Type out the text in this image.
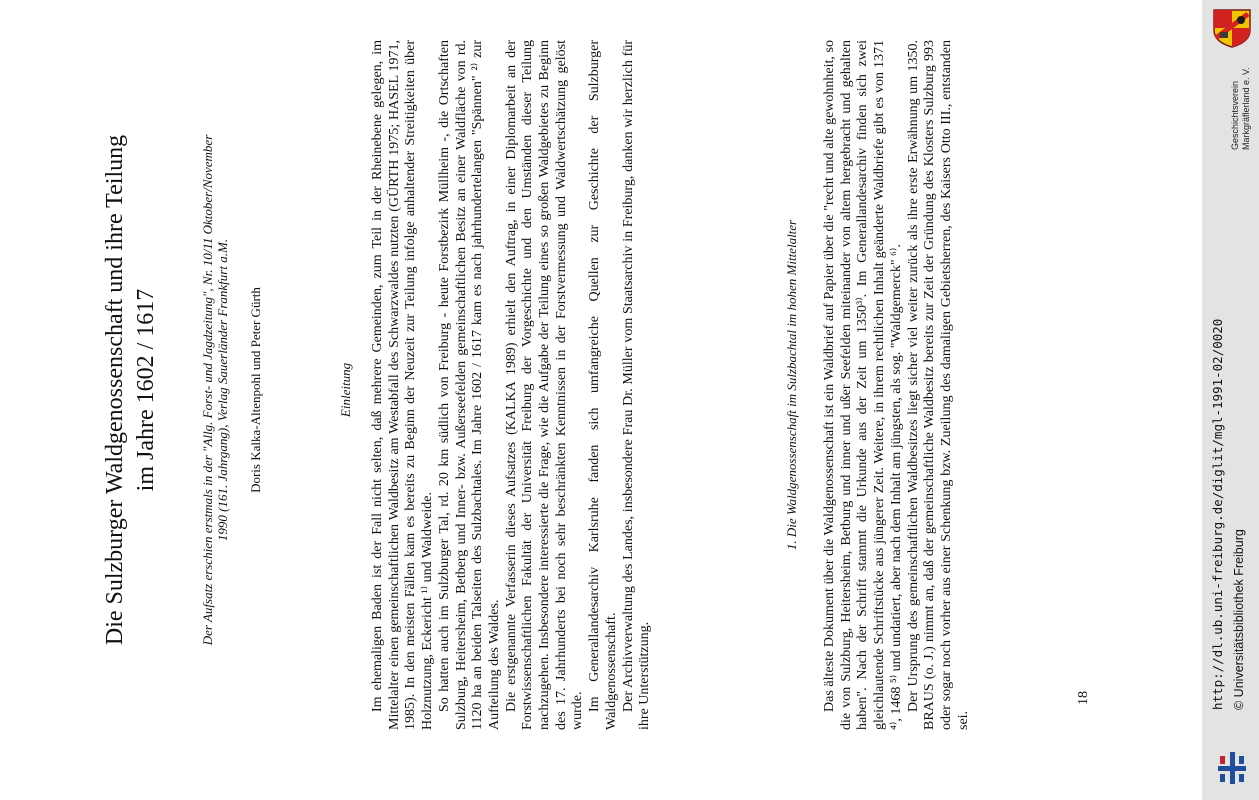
Die Sulzburger Waldgenossenschaft und ihre Teilung im Jahre 1602 / 1617	Der Aufsatz erschien erstmals in der "Allg. Forst- und Jagdzeitung", Nr. 10/11 Oktober/November 1990 (161. Jahrgang), Verlag Sauerländer Frankfurt a.M. Doris Kalka-Altenpohl und Peter Gürth	Einleitung Im ehemaligen Baden ist der Fall nicht selten, daß mehrere Gemeinden, zum Teil in der Rheinebene gelegen, im Mittelalter einen gemeinschaftlichen Waldbesitz am Westabfall des Schwarzwaldes nutzten (GÜRTH 1975; HASEL 1971, 1985). In den meisten Fällen kam es bereits zu Beginn der Neuzeit zur Teilung infolge anhaltender Streitigkeiten über Holznutzung, Eckericht ¹⁾ und Waldweide. So hatten auch im Sulzburger Tal, rd. 20 km südlich von Freiburg - heute Forstbezirk Müllheim -, die Ortschaften Sulzburg, Heitersheim, Betberg und Inner- bzw. Außerseefelden gemeinschaftlichen Besitz an einer Waldfläche von rd. 1120 ha an beiden Talseiten des Sulzbachtales. Im Jahre 1602 / 1617 kam es nach jahrhundertelangen "Spännen" ²⁾ zur Aufteilung des Waldes. Die erstgenannte Verfasserin dieses Aufsatzes (KALKA 1989) erhielt den Auftrag, in einer Diplomarbeit an der Forstwissenschaftlichen Fakultät der Universität Freiburg der Vorgeschichte und den Umständen dieser Teilung nachzugehen. Insbesondere interessierte die Frage, wie die Aufgabe der Teilung eines so großen Waldgebietes zu Beginn des 17. Jahrhunderts bei noch sehr beschränkten Kenntnissen in der Forstvermessung und Waldwertschätzung gelöst wurde. Im Generallandesarchiv Karlsruhe fanden sich umfangreiche Quellen zur Geschichte der Sulzburger Waldgenossenschaft. Der Archivverwaltung des Landes, insbesondere Frau Dr. Müller vom Staatsarchiv in Freiburg, danken wir herzlich für ihre Unterstützung.

1. Die Waldgenossenschaft im Sulzbachtal im hohen Mittelalter Das älteste Dokument über die Waldgenossenschaft ist ein Waldbrief auf Papier über die "recht und alte gewohnheit, so die von Sulzburg, Heitersheim, Betburg und inner und ußer Seefelden miteinander von altem hergebracht und gehalten haben". Nach der Schrift stammt die Urkunde aus der Zeit um 1350³⁾. Im Generallandesarchiv finden sich zwei gleichlautende Schriftstücke aus jüngerer Zeit. Weitere, in ihrem rechtlichen Inhalt geänderte Waldbriefe gibt es von 1371 ⁴⁾, 1468 ⁵⁾ und undatiert, aber nach dem Inhalt am jüngsten, als sog. "Waldgemerck" ⁶⁾. Der Ursprung des gemeinschaftlichen Waldbesitzes liegt sicher viel weiter zurück als ihre erste Erwähnung um 1350. BRAUS (o. J.) nimmt an, daß der gemeinschaftliche Waldbesitz bereits zur Zeit der Gründung des Klosters Sulzburg 993 oder sogar noch vorher aus einer Schenkung bzw. Zueilung des damaligen Gebietsherren, des Kaisers Otto III., entstanden sei.

18
Geschichtsverein Markgräflerland e. V.
http://dl.ub.uni-freiburg.de/diglit/mgl-1991-02/0020 © Universitätsbibliothek Freiburg
